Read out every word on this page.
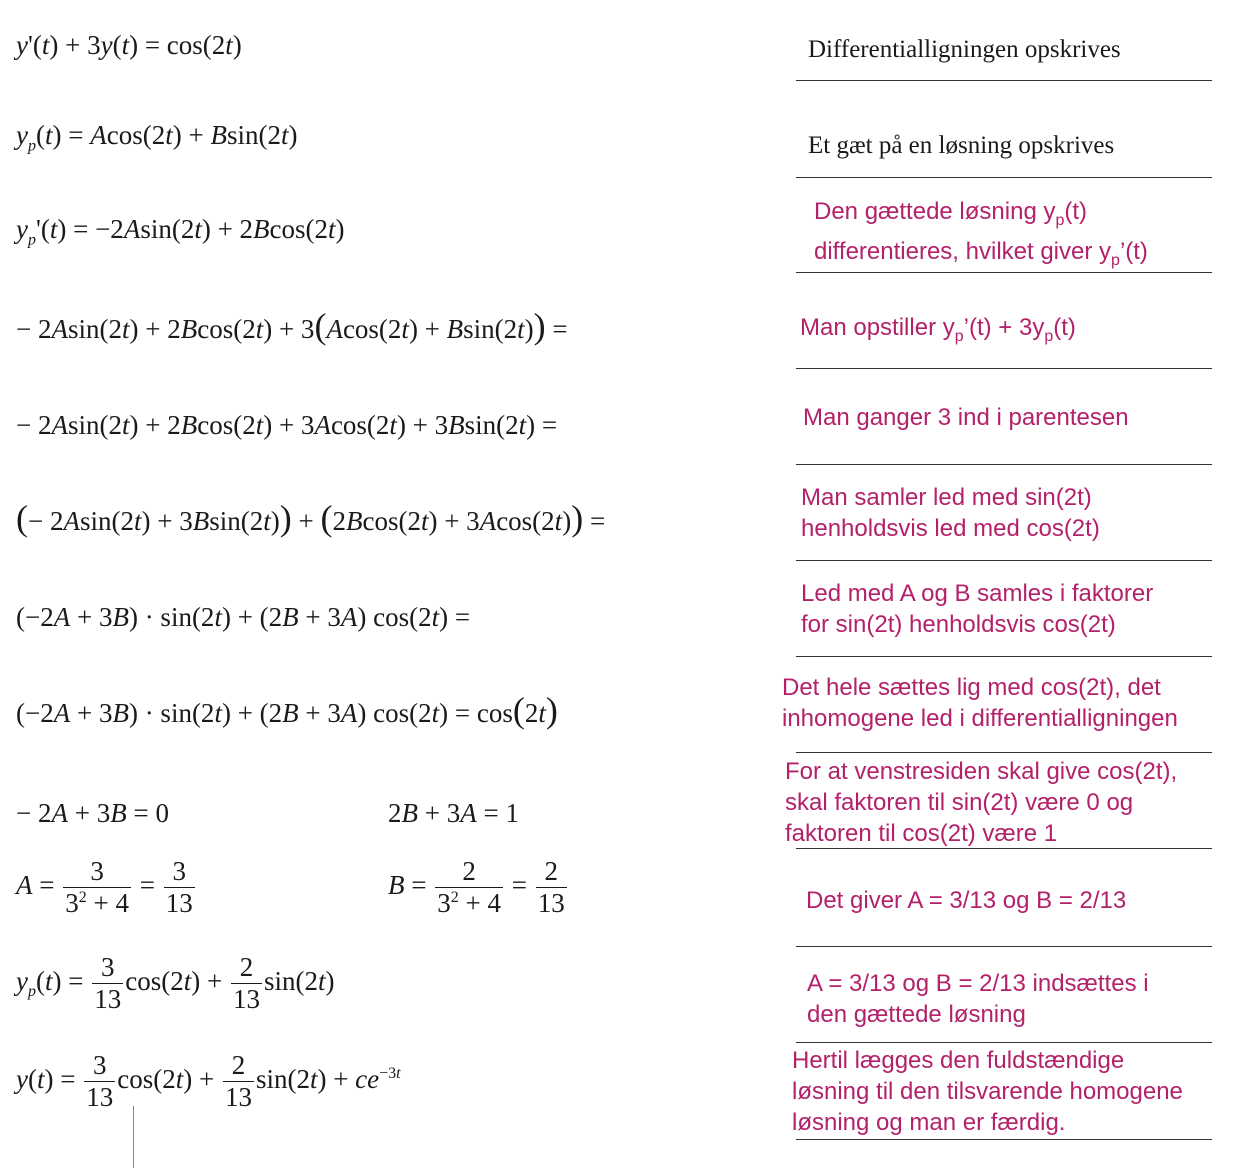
y'(t) + 3y(t) = cos(2t)
$y_p(t) = Acos(2t) + Bsin(2t)$
$y_p'(t) = -2Asin(2t) + 2Bcos(2t)$
− 2Asin(2t) + 2Bcos(2t) + 3(Acos(2t) + Bsin(2t)) =
− 2Asin(2t) + 2Bcos(2t) + 3Acos(2t) + 3Bsin(2t) =
(− 2Asin(2t) + 3Bsin(2t)) + (2Bcos(2t) + 3Acos(2t)) =
(−2A + 3B) · sin(2t) + (2B + 3A) cos(2t) =
(−2A + 3B) · sin(2t) + (2B + 3A) cos(2t) = cos(2t)
− 2A + 3B = 0	2B + 3A = 1
$A = \frac{3}{3^2 + 4} = \frac{3}{13}$	$B = \frac{2}{3^2 + 4} = \frac{2}{13}$
$y_p(t) = \frac{3}{13} \cos(2t) + \frac{2}{13} \sin(2t)$
$y(t) = \frac{3}{13} \cos(2t) + \frac{2}{13} \sin(2t) + ce^{-3t}$
Differentialligningen opskrives
Et gæt på en løsning opskrives
Den gættede løsning $y_p(t)$
differentieres, hvilket giver $y_p’(t)$
Man opstiller $y_p’(t) + 3y_p(t)$
Man ganger 3 ind i parentesen
Man samler led med sin(2t)
henholdsvis led med cos(2t)
Led med A og B samles i faktorer
for sin(2t) henholdsvis cos(2t)
Det hele sættes lig med cos(2t), det
inhomogene led i differentialligningen
For at venstresiden skal give cos(2t),
skal faktoren til sin(2t) være 0 og
faktoren til cos(2t) være 1
Det giver A = 3/13 og B = 2/13
A = 3/13 og B = 2/13 indsættes i
den gættede løsning
Hertil lægges den fuldstændige
løsning til den tilsvarende homogene
løsning og man er færdig.
